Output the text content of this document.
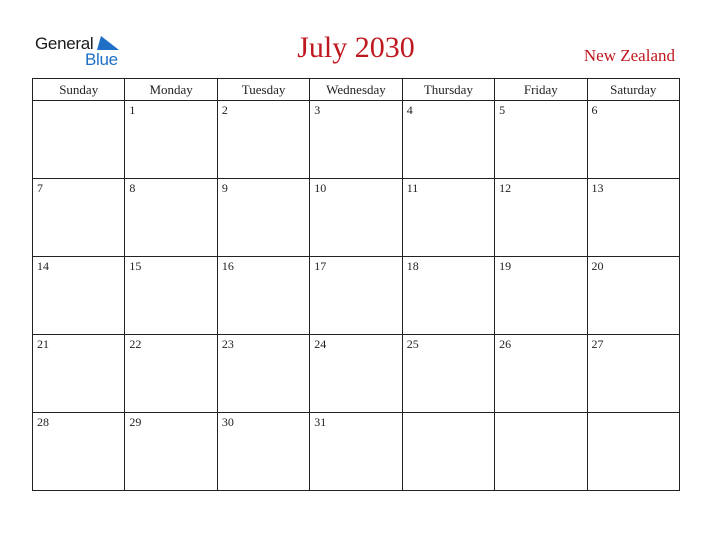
General
Blue	July 2030	New Zealand
Sunday	Monday	Tuesday	Wednesday	Thursday	Friday	Saturday

	1	2	3	4	5	6

7	8	9	10	11	12	13

14	15	16	17	18	19	20

21	22	23	24	25	26	27

28	29	30	31			
